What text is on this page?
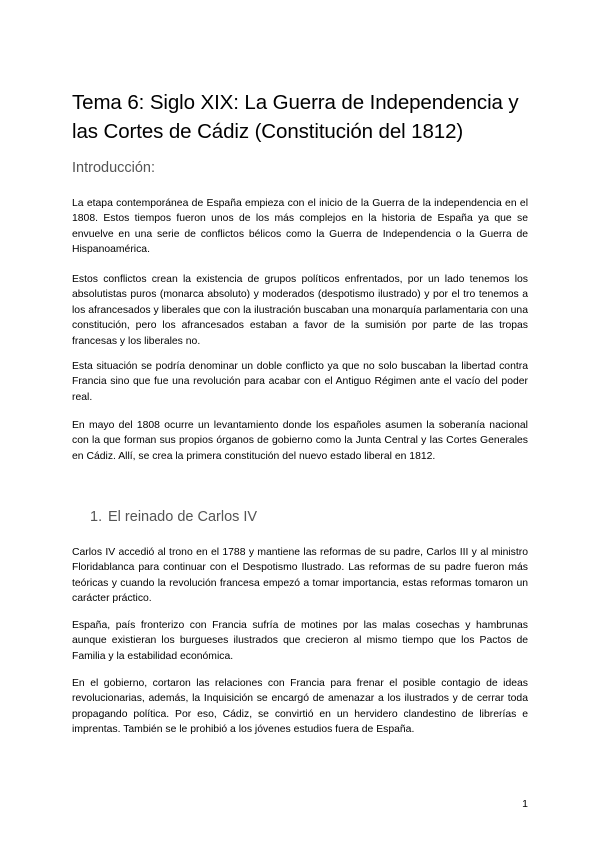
Tema 6: Siglo XIX: La Guerra de Independencia y las Cortes de Cádiz (Constitución del 1812)
Introducción:

La etapa contemporánea de España empieza con el inicio de la Guerra de la independencia en el 1808. Estos tiempos fueron unos de los más complejos en la historia de España ya que se envuelve en una serie de conflictos bélicos como la Guerra de Independencia o la Guerra de Hispanoamérica.

Estos conflictos crean la existencia de grupos políticos enfrentados, por un lado tenemos los absolutistas puros (monarca absoluto) y moderados (despotismo ilustrado) y por el tro tenemos a los afrancesados y liberales que con la ilustración buscaban una monarquía parlamentaria con una constitución, pero los afrancesados estaban a favor de la sumisión por parte de las tropas francesas y los liberales no.

Esta situación se podría denominar un doble conflicto ya que no solo buscaban la libertad contra Francia sino que fue una revolución para acabar con el Antiguo Régimen ante el vacío del poder real.

En mayo del 1808 ocurre un levantamiento donde los españoles asumen la soberanía nacional con la que forman sus propios órganos de gobierno como la Junta Central y las Cortes Generales en Cádiz. Allí, se crea la primera constitución del nuevo estado liberal en 1812.

1. El reinado de Carlos IV

Carlos IV accedió al trono en el 1788 y mantiene las reformas de su padre, Carlos III y al ministro Floridablanca para continuar con el Despotismo Ilustrado. Las reformas de su padre fueron más teóricas y cuando la revolución francesa empezó a tomar importancia, estas reformas tomaron un carácter práctico.

España, país fronterizo con Francia sufría de motines por las malas cosechas y hambrunas aunque existieran los burgueses ilustrados que crecieron al mismo tiempo que los Pactos de Familia y la estabilidad económica.

En el gobierno, cortaron las relaciones con Francia para frenar el posible contagio de ideas revolucionarias, además, la Inquisición se encargó de amenazar a los ilustrados y de cerrar toda propagando política. Por eso, Cádiz, se convirtió en un hervidero clandestino de librerías e imprentas. También se le prohibió a los jóvenes estudios fuera de España.

1
